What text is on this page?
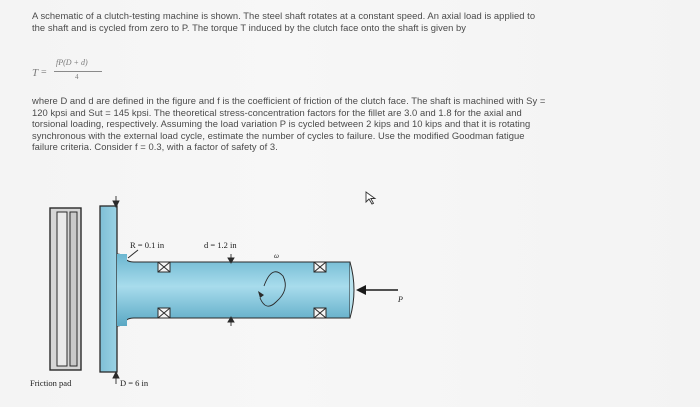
A schematic of a clutch-testing machine is shown. The steel shaft rotates at a constant speed. An axial load is applied to
the shaft and is cycled from zero to P. The torque T induced by the clutch face onto the shaft is given by
T =
fP(D + d)
4
where D and d are defined in the figure and f is the coefficient of friction of the clutch face. The shaft is machined with Sy =
120 kpsi and Sut = 145 kpsi. The theoretical stress-concentration factors for the fillet are 3.0 and 1.8 for the axial and
torsional loading, respectively. Assuming the load variation P is cycled between 2 kips and 10 kips and that it is rotating
synchronous with the external load cycle, estimate the number of cycles to failure. Use the modified Goodman fatigue
failure criteria. Consider f = 0.3, with a factor of safety of 3.
R = 0.1 in	d = 1.2 in
ω
P
Friction pad	D = 6 in
